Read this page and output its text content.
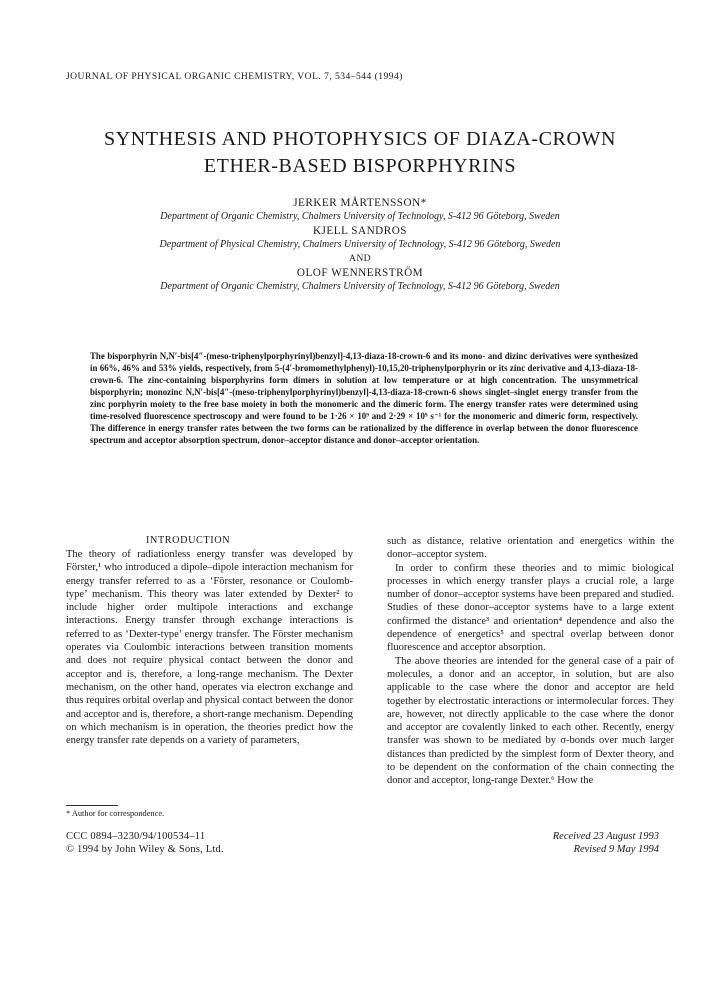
JOURNAL OF PHYSICAL ORGANIC CHEMISTRY, VOL. 7, 534–544 (1994)
SYNTHESIS AND PHOTOPHYSICS OF DIAZA-CROWN
ETHER-BASED BISPORPHYRINS
JERKER MÅRTENSSON*
Department of Organic Chemistry, Chalmers University of Technology, S-412 96 Göteborg, Sweden
KJELL SANDROS
Department of Physical Chemistry, Chalmers University of Technology, S-412 96 Göteborg, Sweden
AND
OLOF WENNERSTRÖM
Department of Organic Chemistry, Chalmers University of Technology, S-412 96 Göteborg, Sweden

The bisporphyrin N,N′-bis[4″-(meso-triphenylporphyrinyl)benzyl]-4,13-diaza-18-crown-6 and its mono- and dizinc derivatives were synthesized in 66%, 46% and 53% yields, respectively, from 5-(4′-bromomethylphenyl)-10,15,20-triphenylporphyrin or its zinc derivative and 4,13-diaza-18-crown-6. The zinc-containing bisporphyrins form dimers in solution at low temperature or at high concentration. The unsymmetrical bisporphyrin; monozinc N,N′-bis[4″-(meso-triphenylporphyrinyl)benzyl]-4,13-diaza-18-crown-6 shows singlet–singlet energy transfer from the zinc porphyrin moiety to the free base moiety in both the monomeric and the dimeric form. The energy transfer rates were determined using time-resolved fluorescence spectroscopy and were found to be 1·26 × 10⁹ and 2·29 × 10⁹ s⁻¹ for the monomeric and dimeric form, respectively. The difference in energy transfer rates between the two forms can be rationalized by the difference in overlap between the donor fluorescence spectrum and acceptor absorption spectrum, donor–acceptor distance and donor–acceptor orientation.

INTRODUCTION

The theory of radiationless energy transfer was developed by Förster,¹ who introduced a dipole–dipole interaction mechanism for energy transfer referred to as a ‘Förster, resonance or Coulomb-type’ mechanism. This theory was later extended by Dexter² to include higher order multipole interactions and exchange interactions. Energy transfer through exchange interactions is referred to as ‘Dexter-type’ energy transfer. The Förster mechanism operates via Coulombic interactions between transition moments and does not require physical contact between the donor and acceptor and is, therefore, a long-range mechanism. The Dexter mechanism, on the other hand, operates via electron exchange and thus requires orbital overlap and physical contact between the donor and acceptor and is, therefore, a short-range mechanism. Depending on which mechanism is in operation, the theories predict how the energy transfer rate depends on a variety of parameters,

such as distance, relative orientation and energetics within the donor–acceptor system.

In order to confirm these theories and to mimic biological processes in which energy transfer plays a crucial role, a large number of donor–acceptor systems have been prepared and studied. Studies of these donor–acceptor systems have to a large extent confirmed the distance³ and orientation⁴ dependence and also the dependence of energetics⁵ and spectral overlap between donor fluorescence and acceptor absorption.

The above theories are intended for the general case of a pair of molecules, a donor and an acceptor, in solution, but are also applicable to the case where the donor and acceptor are held together by electrostatic interactions or intermolecular forces. They are, however, not directly applicable to the case where the donor and acceptor are covalently linked to each other. Recently, energy transfer was shown to be mediated by σ-bonds over much larger distances than predicted by the simplest form of Dexter theory, and to be dependent on the conformation of the chain connecting the donor and acceptor, long-range Dexter.⁶ How the

* Author for correspondence.
CCC 0894–3230/94/100534–11
© 1994 by John Wiley & Sons, Ltd.
Received 23 August 1993
Revised 9 May 1994
